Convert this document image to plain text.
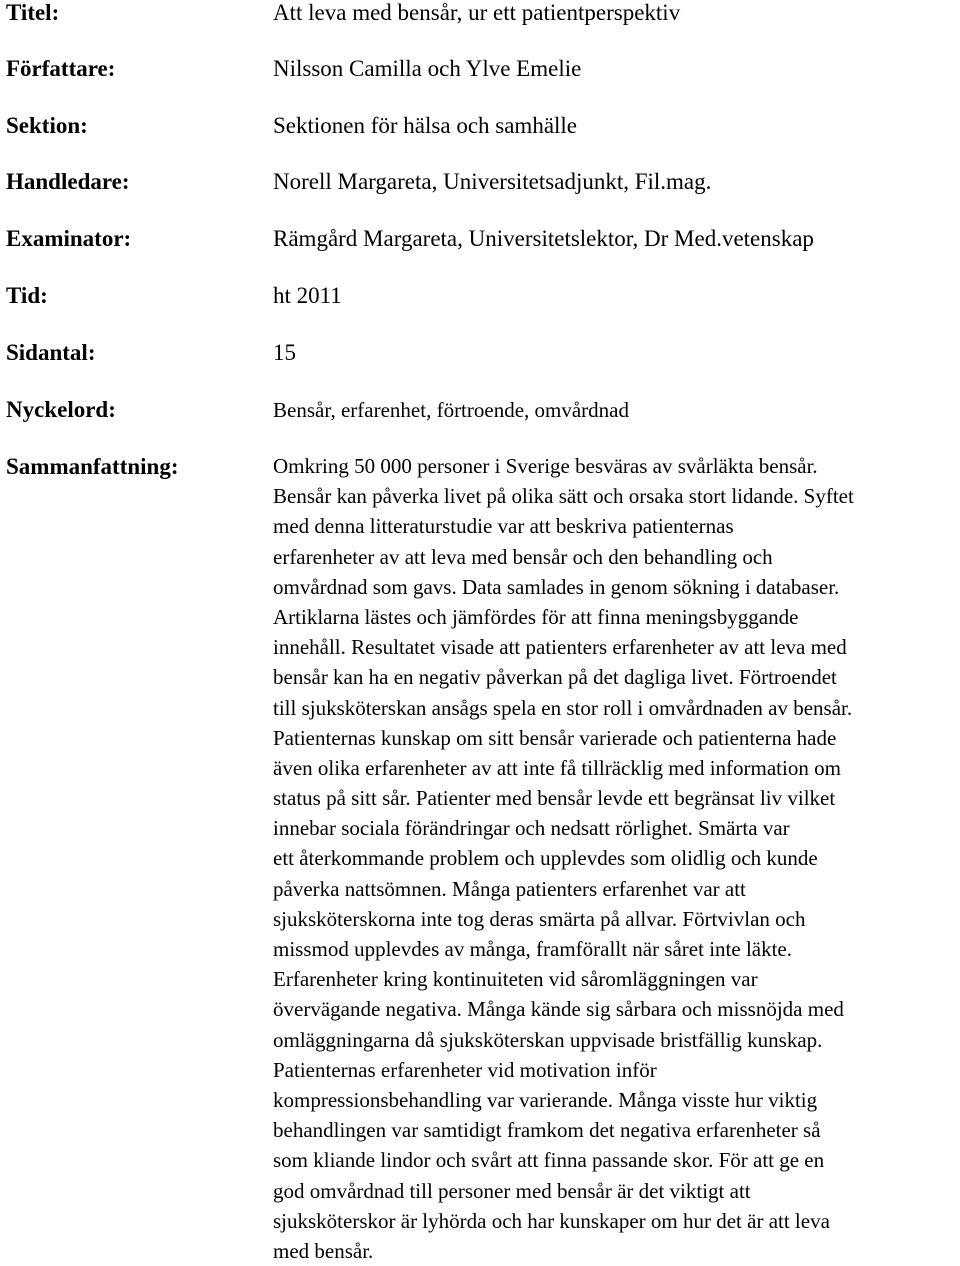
Titel:	Att leva med bensår, ur ett patientperspektiv
Författare:	Nilsson Camilla och Ylve Emelie
Sektion:	Sektionen för hälsa och samhälle
Handledare:	Norell Margareta, Universitetsadjunkt, Fil.mag.
Examinator:	Rämgård Margareta, Universitetslektor, Dr Med.vetenskap
Tid:	ht 2011
Sidantal:	15
Nyckelord:	Bensår, erfarenhet, förtroende, omvårdnad
Sammanfattning:	Omkring 50 000 personer i Sverige besväras av svårläkta bensår.
Bensår kan påverka livet på olika sätt och orsaka stort lidande. Syftet
med denna litteraturstudie var att beskriva patienternas
erfarenheter av att leva med bensår och den behandling och
omvårdnad som gavs. Data samlades in genom sökning i databaser.
Artiklarna lästes och jämfördes för att finna meningsbyggande
innehåll. Resultatet visade att patienters erfarenheter av att leva med
bensår kan ha en negativ påverkan på det dagliga livet. Förtroendet
till sjuksköterskan ansågs spela en stor roll i omvårdnaden av bensår.
Patienternas kunskap om sitt bensår varierade och patienterna hade
även olika erfarenheter av att inte få tillräcklig med information om
status på sitt sår. Patienter med bensår levde ett begränsat liv vilket
innebar sociala förändringar och nedsatt rörlighet. Smärta var
ett återkommande problem och upplevdes som olidlig och kunde
påverka nattsömnen. Många patienters erfarenhet var att
sjuksköterskorna inte tog deras smärta på allvar. Förtvivlan och
missmod upplevdes av många, framförallt när såret inte läkte.
Erfarenheter kring kontinuiteten vid såromläggningen var
övervägande negativa. Många kände sig sårbara och missnöjda med
omläggningarna då sjuksköterskan uppvisade bristfällig kunskap.
Patienternas erfarenheter vid motivation inför
kompressionsbehandling var varierande. Många visste hur viktig
behandlingen var samtidigt framkom det negativa erfarenheter så
som kliande lindor och svårt att finna passande skor. För att ge en
god omvårdnad till personer med bensår är det viktigt att
sjuksköterskor är lyhörda och har kunskaper om hur det är att leva
med bensår.
